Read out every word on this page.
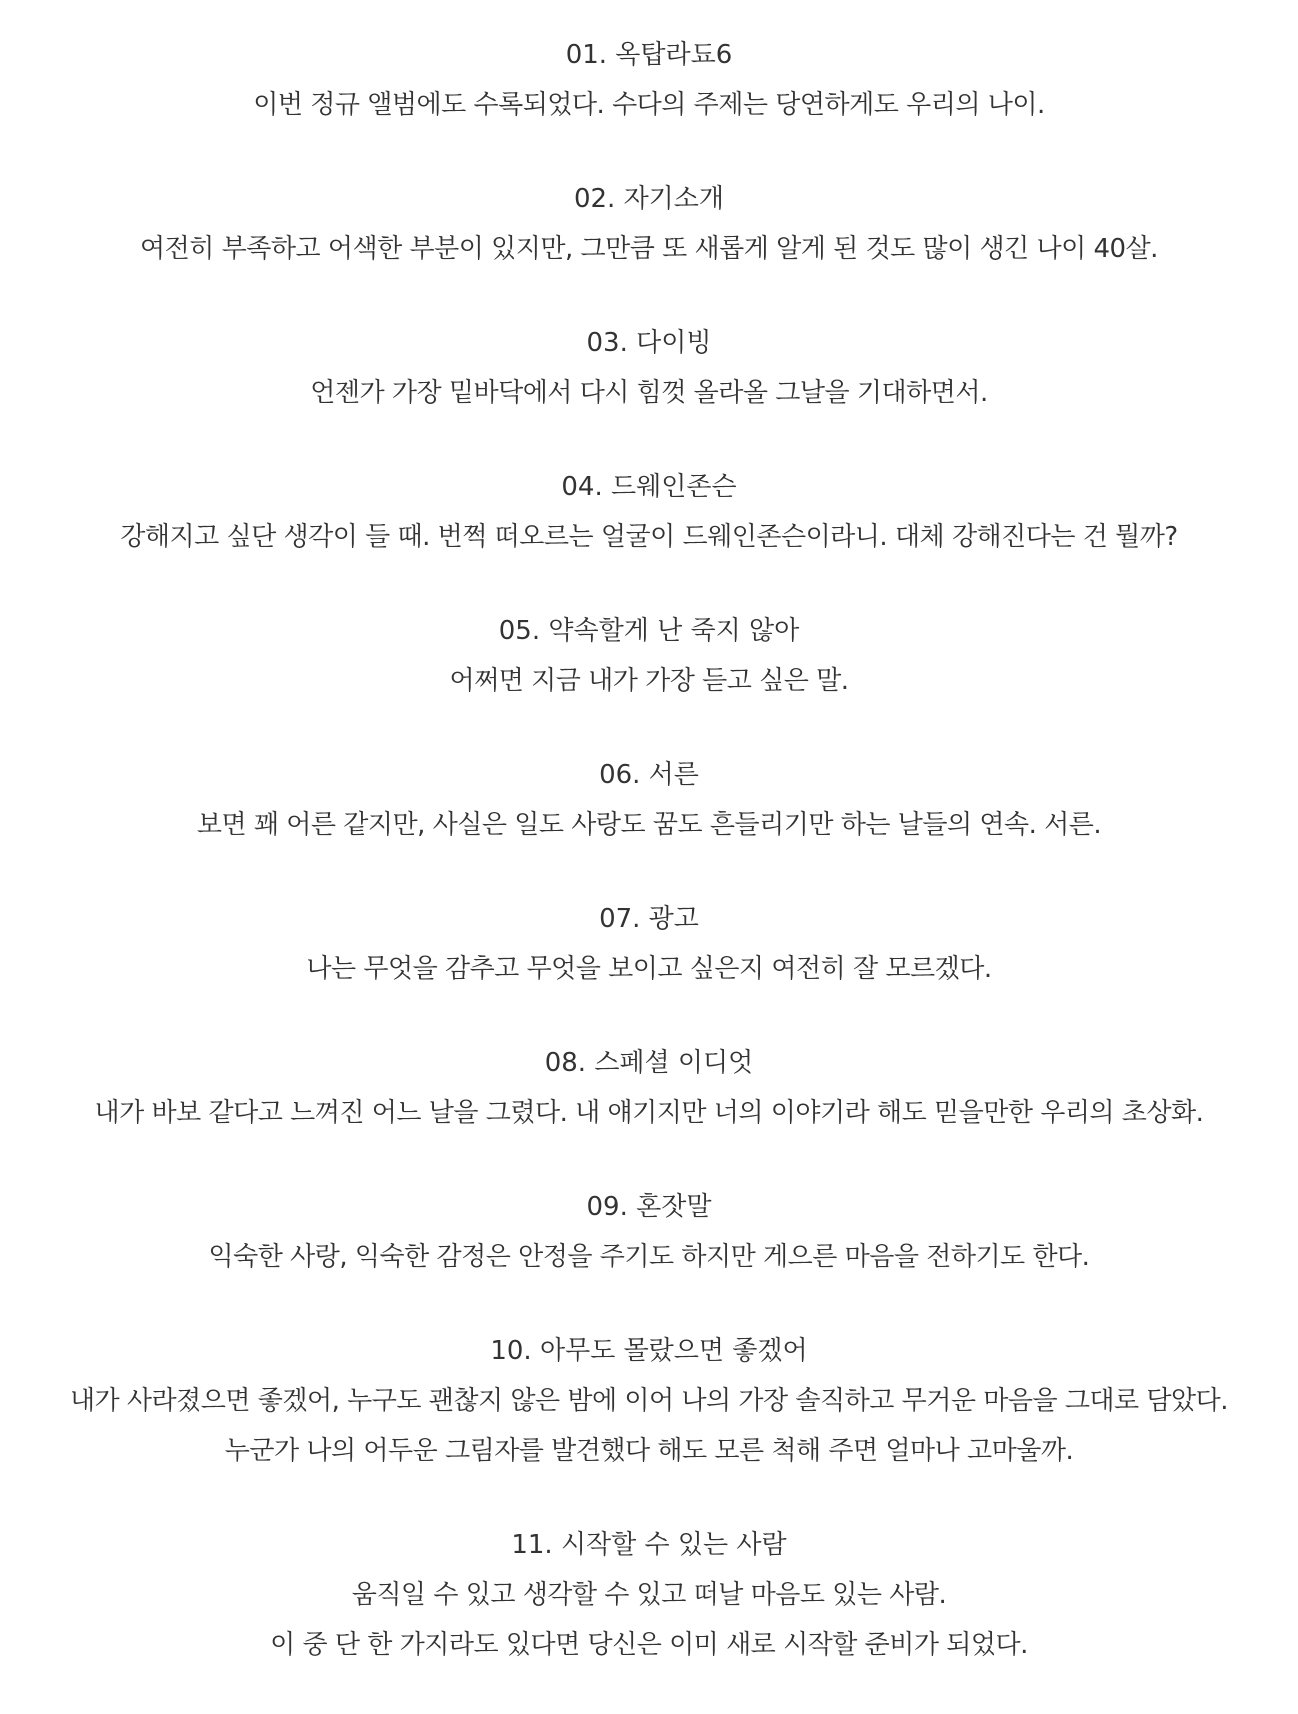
01. 옥탑라됴6
이번 정규 앨범에도 수록되었다. 수다의 주제는 당연하게도 우리의 나이.
02. 자기소개
여전히 부족하고 어색한 부분이 있지만, 그만큼 또 새롭게 알게 된 것도 많이 생긴 나이 40살.
03. 다이빙
언젠가 가장 밑바닥에서 다시 힘껏 올라올 그날을 기대하면서.
04. 드웨인존슨
강해지고 싶단 생각이 들 때. 번쩍 떠오르는 얼굴이 드웨인존슨이라니. 대체 강해진다는 건 뭘까?
05. 약속할게 난 죽지 않아
어쩌면 지금 내가 가장 듣고 싶은 말.
06. 서른
보면 꽤 어른 같지만, 사실은 일도 사랑도 꿈도 흔들리기만 하는 날들의 연속. 서른.
07. 광고
나는 무엇을 감추고 무엇을 보이고 싶은지 여전히 잘 모르겠다.
08. 스페셜 이디엇
내가 바보 같다고 느껴진 어느 날을 그렸다. 내 얘기지만 너의 이야기라 해도 믿을만한 우리의 초상화.
09. 혼잣말
익숙한 사랑, 익숙한 감정은 안정을 주기도 하지만 게으른 마음을 전하기도 한다.
10. 아무도 몰랐으면 좋겠어
내가 사라졌으면 좋겠어, 누구도 괜찮지 않은 밤에 이어 나의 가장 솔직하고 무거운 마음을 그대로 담았다.
누군가 나의 어두운 그림자를 발견했다 해도 모른 척해 주면 얼마나 고마울까.
11. 시작할 수 있는 사람
움직일 수 있고 생각할 수 있고 떠날 마음도 있는 사람.
이 중 단 한 가지라도 있다면 당신은 이미 새로 시작할 준비가 되었다.
